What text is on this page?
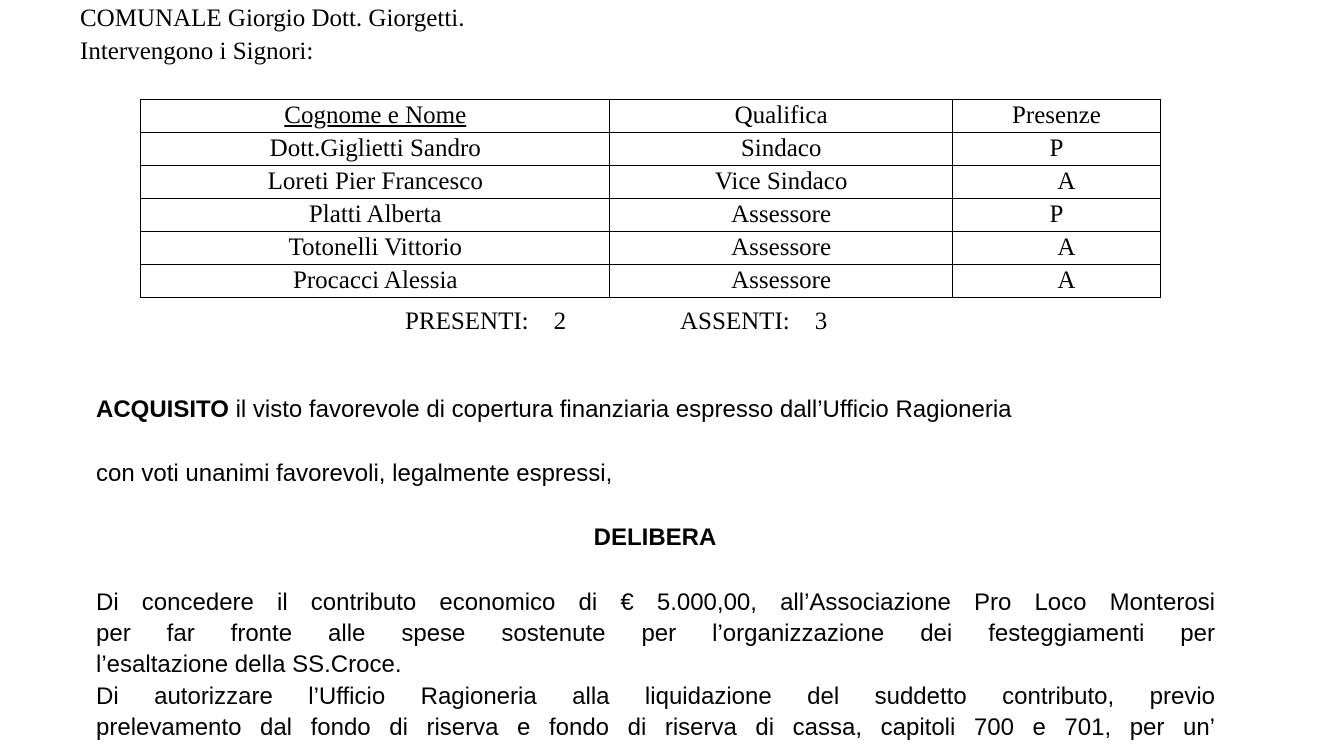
COMUNALE Giorgio Dott. Giorgetti.
Intervengono i Signori:
Cognome e Nome	Qualifica	Presenze
Dott.Giglietti Sandro	Sindaco	P
Loreti Pier Francesco	Vice Sindaco	A
Platti Alberta	Assessore	P
Totonelli Vittorio	Assessore	A
Procacci Alessia	Assessore	A
PRESENTI:    2	ASSENTI:    3
ACQUISITO il visto favorevole di copertura finanziaria espresso dall’Ufficio Ragioneria
con voti unanimi favorevoli, legalmente espressi,
DELIBERA
Di concedere il contributo economico di € 5.000,00, all’Associazione Pro Loco Monterosi
per far fronte alle spese sostenute per l’organizzazione dei festeggiamenti per
l’esaltazione della SS.Croce.
Di autorizzare l’Ufficio Ragioneria alla liquidazione del suddetto contributo, previo
prelevamento dal fondo di riserva e fondo di riserva di cassa, capitoli 700 e 701, per un’
